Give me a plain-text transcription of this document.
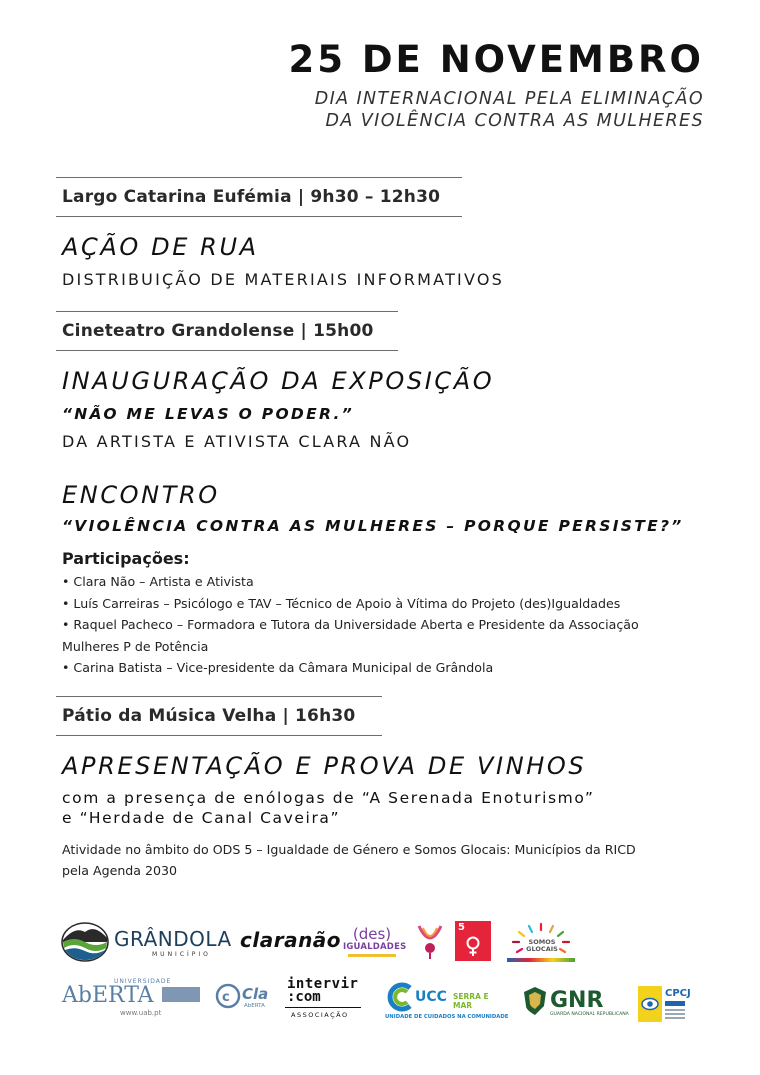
25 DE NOVEMBRO
DIA INTERNACIONAL PELA ELIMINAÇÃO
DA VIOLÊNCIA CONTRA AS MULHERES
Largo Catarina Eufémia | 9h30 – 12h30
AÇÃO DE RUA
DISTRIBUIÇÃO DE MATERIAIS INFORMATIVOS
Cineteatro Grandolense | 15h00
INAUGURAÇÃO DA EXPOSIÇÃO
“NÃO ME LEVAS O PODER.”
DA ARTISTA E ATIVISTA CLARA NÃO
ENCONTRO
“VIOLÊNCIA CONTRA AS MULHERES – PORQUE PERSISTE?”
Participações:
• Clara Não – Artista e Ativista
• Luís Carreiras – Psicólogo e TAV – Técnico de Apoio à Vítima do Projeto (des)Igualdades
• Raquel Pacheco – Formadora e Tutora da Universidade Aberta e Presidente da Associação
Mulheres P de Potência
• Carina Batista – Vice-presidente da Câmara Municipal de Grândola
Pátio da Música Velha | 16h30
APRESENTAÇÃO E PROVA DE VINHOS
com a presença de enólogas de “A Serenada Enoturismo”
e “Herdade de Canal Caveira”
Atividade no âmbito do ODS 5 – Igualdade de Género e Somos Glocais: Municípios da RICD
pela Agenda 2030
GRÂNDOLA
MUNICÍPIO
claranão (des)
IGUALDADES
5
SOMOS GLOCAIS
UNIVERSIDADE
AbERTA
www.uab.pt
c Cla
AbERTA
intervir
:com
ASSOCIAÇÃO
UCC SERRA E MAR
UNIDADE DE CUIDADOS NA COMUNIDADE
GNR
GUARDA NACIONAL REPUBLICANA
CPCJ
